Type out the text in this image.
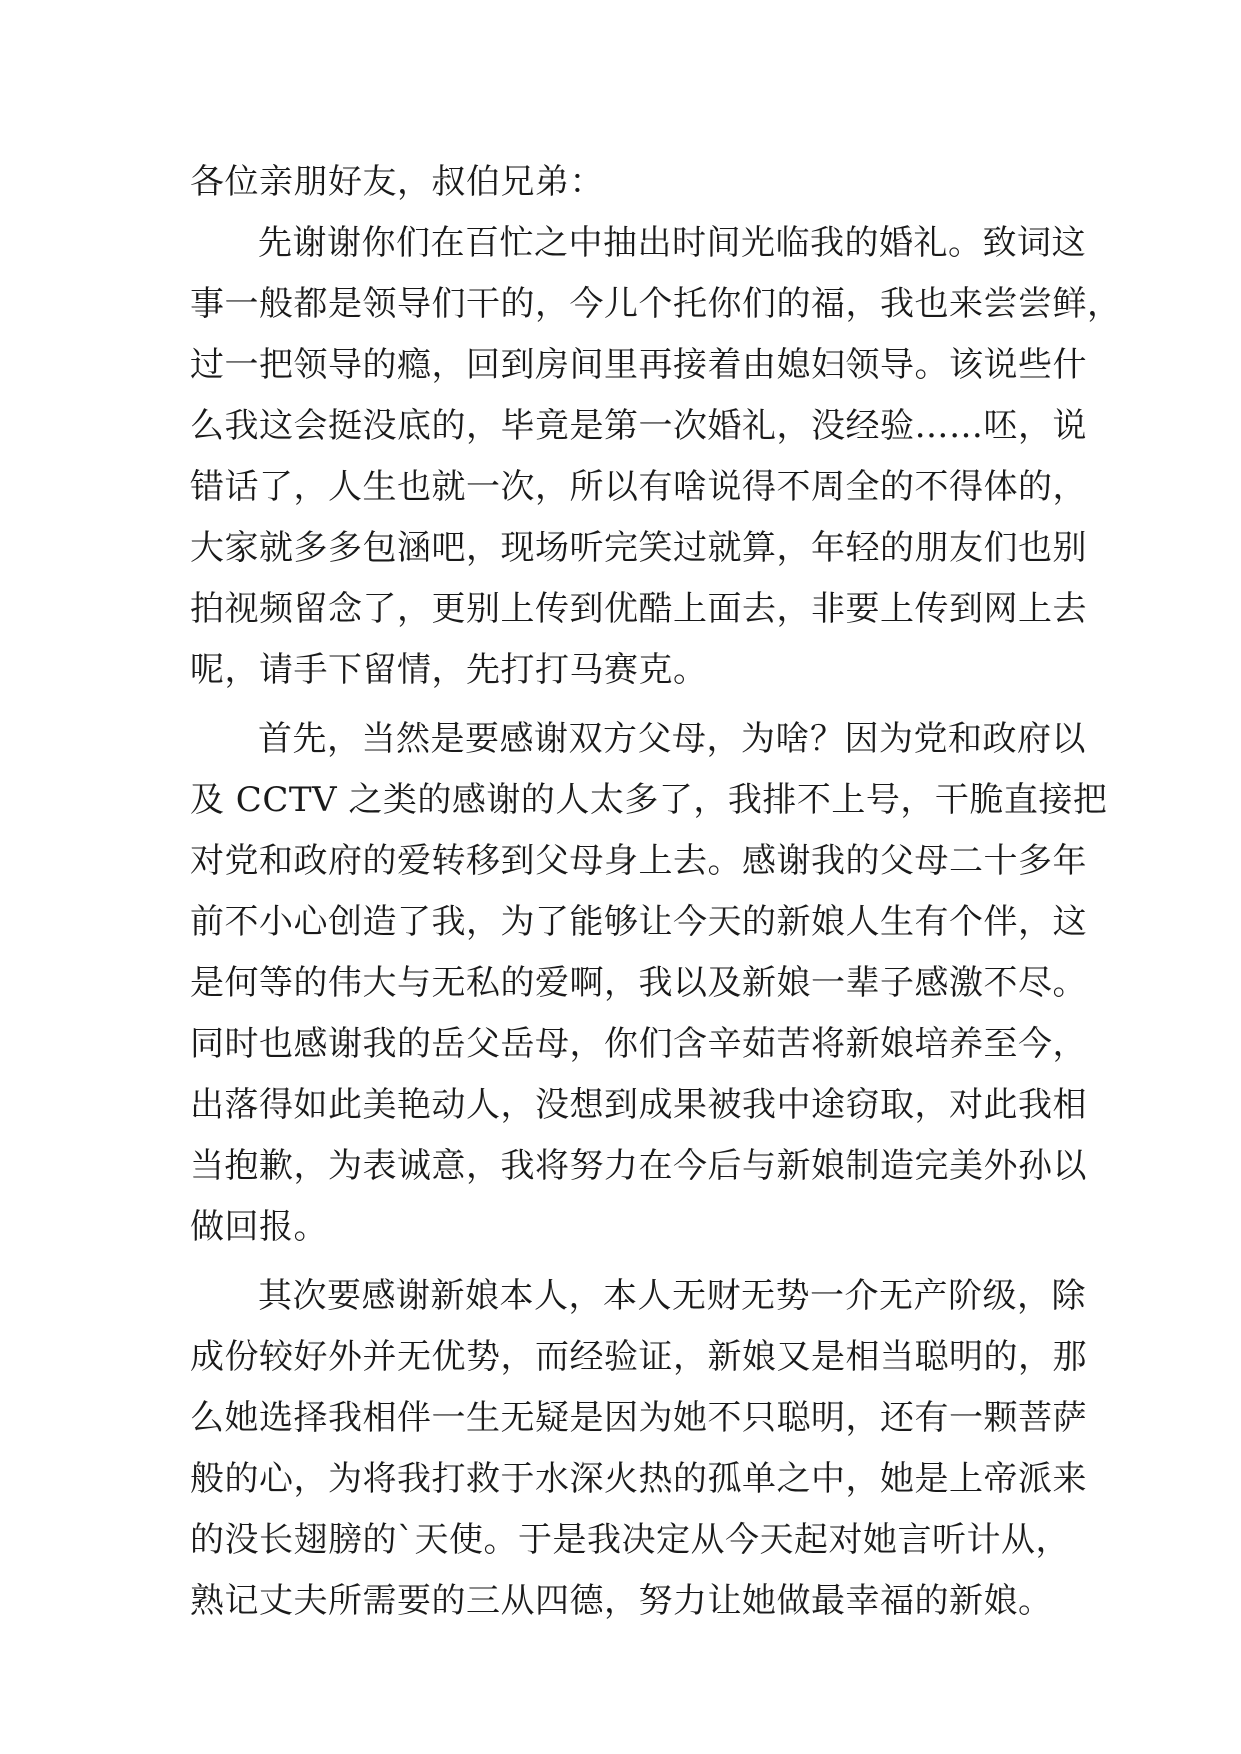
各位亲朋好友，叔伯兄弟：
先谢谢你们在百忙之中抽出时间光临我的婚礼。致词这
事一般都是领导们干的，今儿个托你们的福，我也来尝尝鲜，
过一把领导的瘾，回到房间里再接着由媳妇领导。该说些什
么我这会挺没底的，毕竟是第一次婚礼，没经验……呸，说
错话了，人生也就一次，所以有啥说得不周全的不得体的，
大家就多多包涵吧，现场听完笑过就算，年轻的朋友们也别
拍视频留念了，更别上传到优酷上面去，非要上传到网上去
呢，请手下留情，先打打马赛克。
首先，当然是要感谢双方父母，为啥？因为党和政府以
及 CCTV 之类的感谢的人太多了，我排不上号，干脆直接把
对党和政府的爱转移到父母身上去。感谢我的父母二十多年
前不小心创造了我，为了能够让今天的新娘人生有个伴，这
是何等的伟大与无私的爱啊，我以及新娘一辈子感激不尽。
同时也感谢我的岳父岳母，你们含辛茹苦将新娘培养至今，
出落得如此美艳动人，没想到成果被我中途窃取，对此我相
当抱歉，为表诚意，我将努力在今后与新娘制造完美外孙以
做回报。
其次要感谢新娘本人，本人无财无势一介无产阶级，除
成份较好外并无优势，而经验证，新娘又是相当聪明的，那
么她选择我相伴一生无疑是因为她不只聪明，还有一颗菩萨
般的心，为将我打救于水深火热的孤单之中，她是上帝派来
的没长翅膀的`天使。于是我决定从今天起对她言听计从，
熟记丈夫所需要的三从四德，努力让她做最幸福的新娘。
